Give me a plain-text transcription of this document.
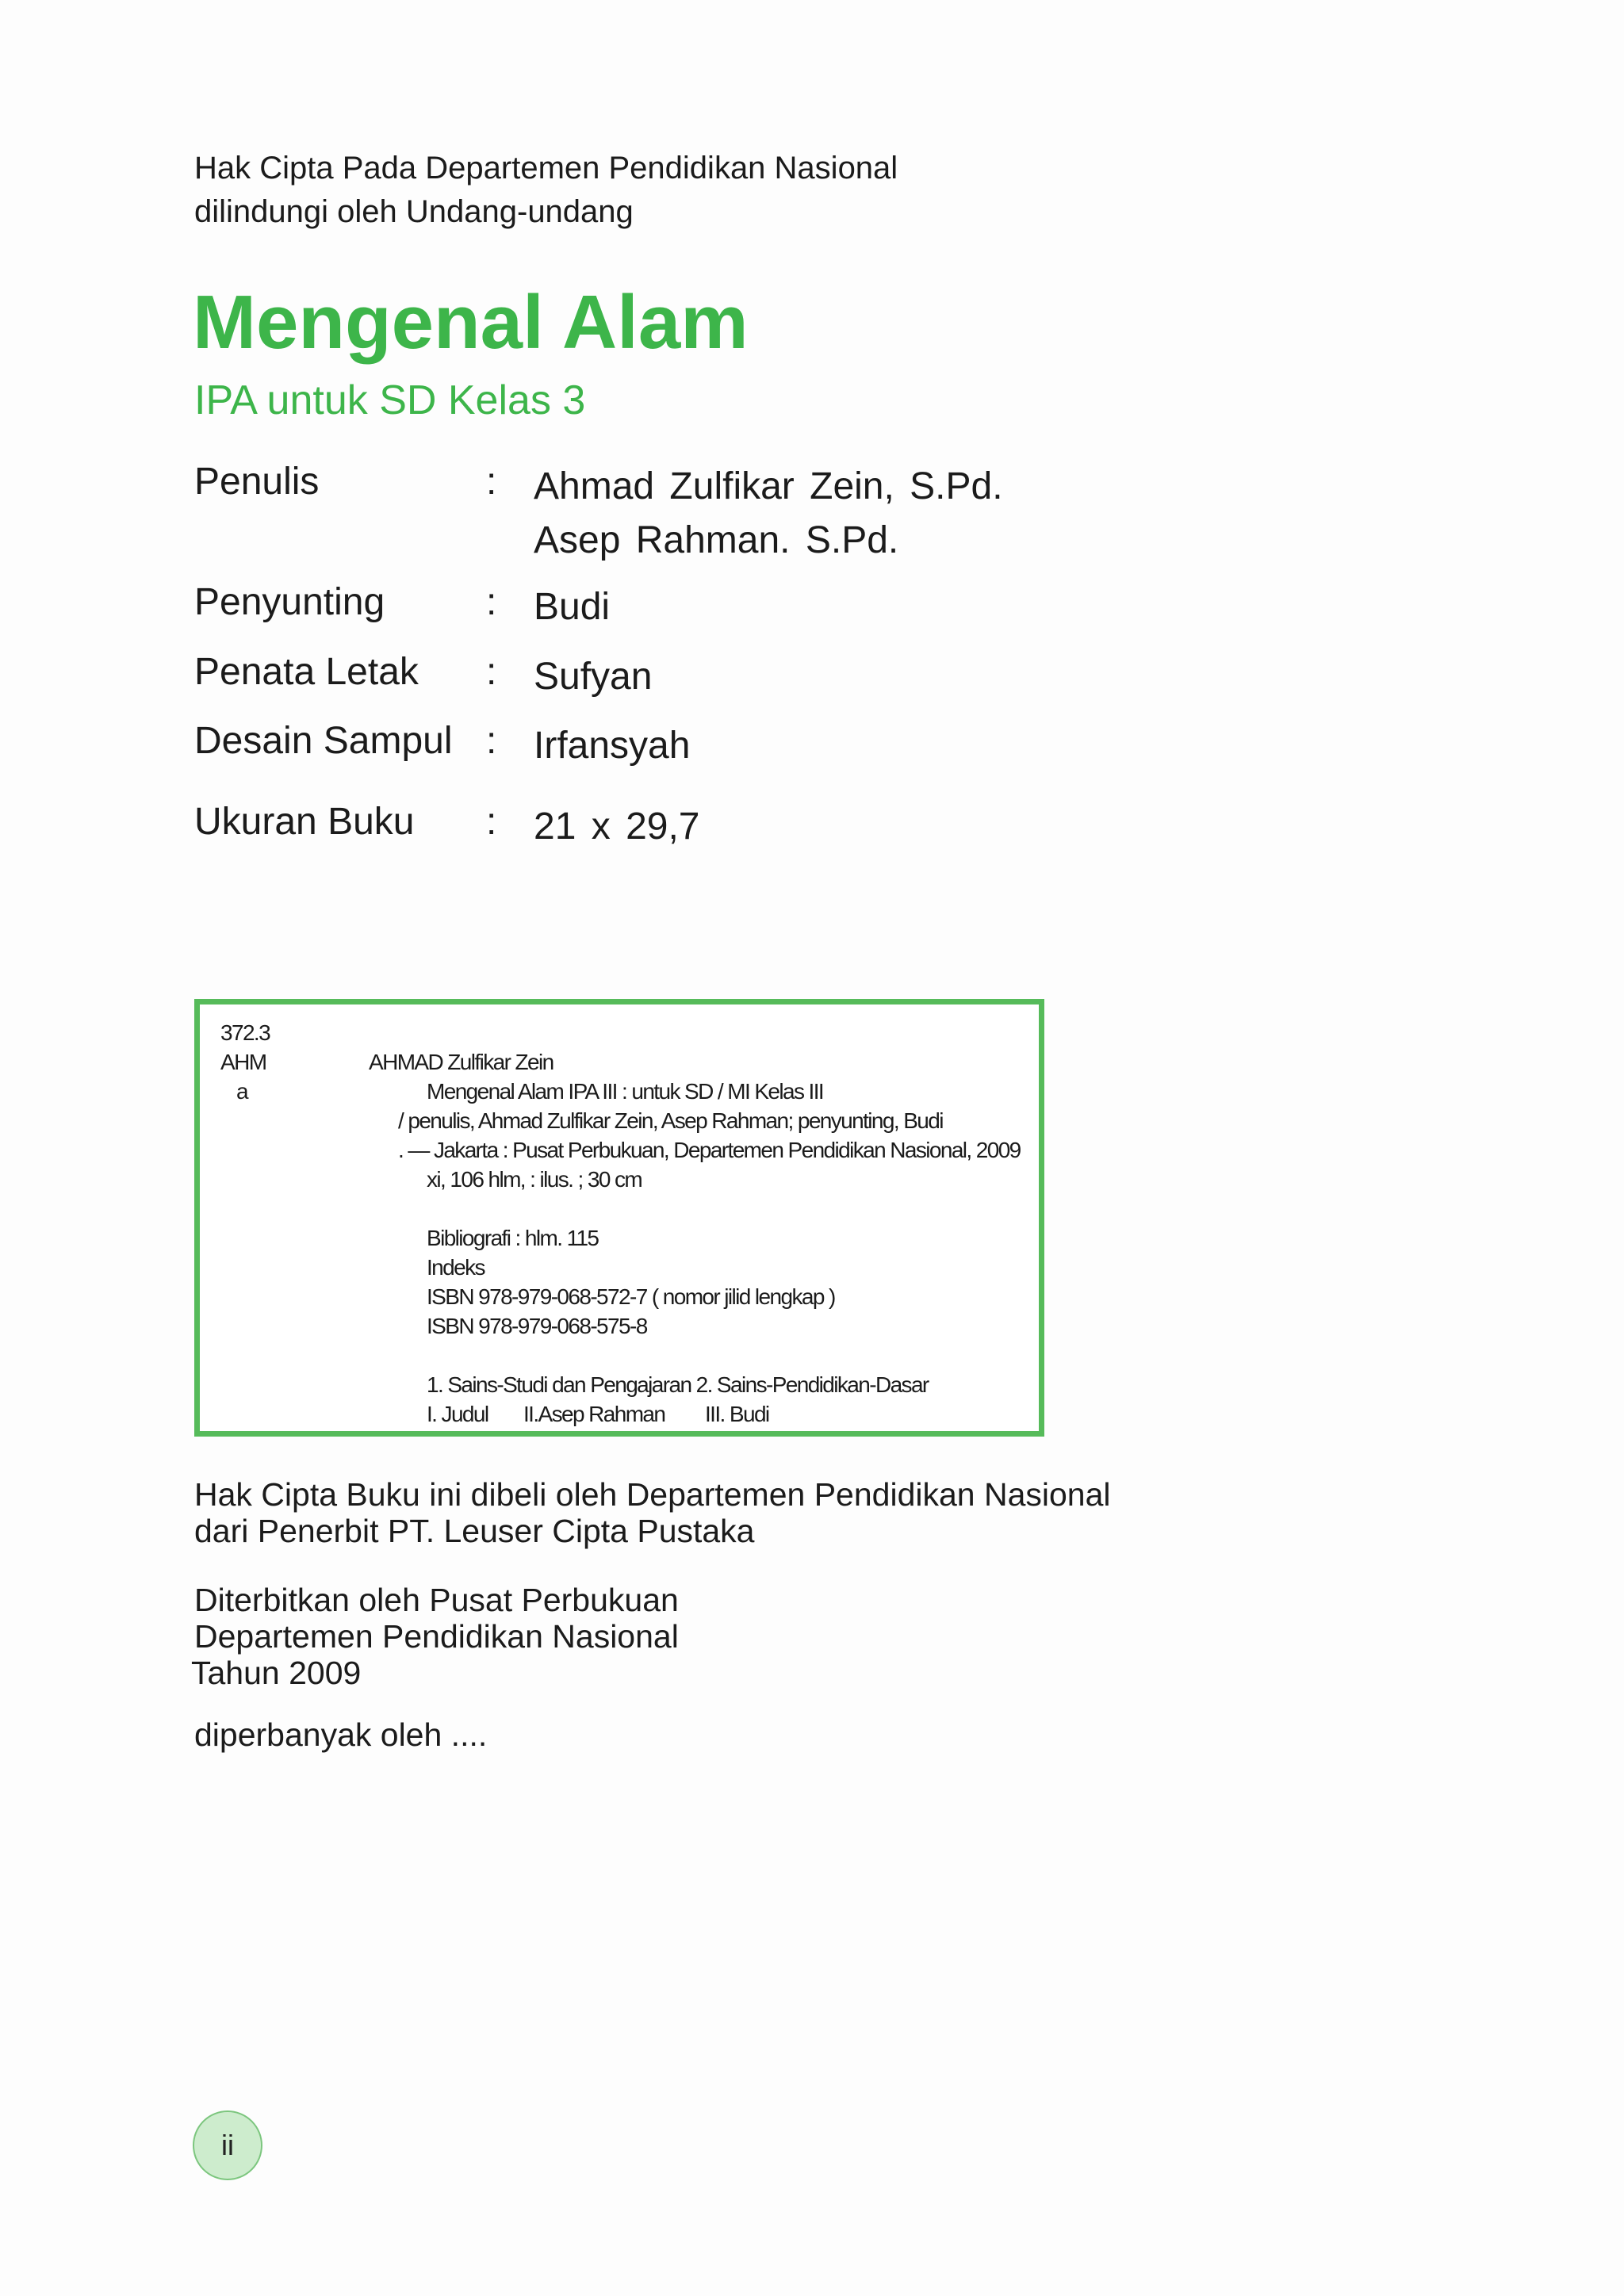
Hak Cipta Pada Departemen Pendidikan Nasional
dilindungi oleh Undang-undang
Mengenal Alam
IPA untuk SD Kelas 3
Penulis	: Ahmad Zulfikar Zein, S.Pd.
Asep Rahman. S.Pd.
Penyunting	: Budi
Penata Letak	: Sufyan
Desain Sampul : Irfansyah
Ukuran Buku	: 21 x 29,7
372.3
AHM
a
AHMAD Zulfikar Zein
Mengenal Alam IPA III : untuk SD / MI Kelas III
/ penulis, Ahmad Zulfikar Zein, Asep Rahman; penyunting, Budi
. — Jakarta : Pusat Perbukuan, Departemen Pendidikan Nasional, 2009
xi, 106 hlm, : ilus. ; 30 cm
Bibliografi : hlm. 115
Indeks
ISBN 978-979-068-572-7 ( nomor jilid lengkap )
ISBN 978-979-068-575-8
1. Sains-Studi dan Pengajaran 2. Sains-Pendidikan-Dasar
I. Judul II.Asep Rahman III. Budi
Hak Cipta Buku ini dibeli oleh Departemen Pendidikan Nasional
dari Penerbit PT. Leuser Cipta Pustaka
Diterbitkan oleh Pusat Perbukuan
Departemen Pendidikan Nasional
Tahun 2009
diperbanyak oleh ....
ii
